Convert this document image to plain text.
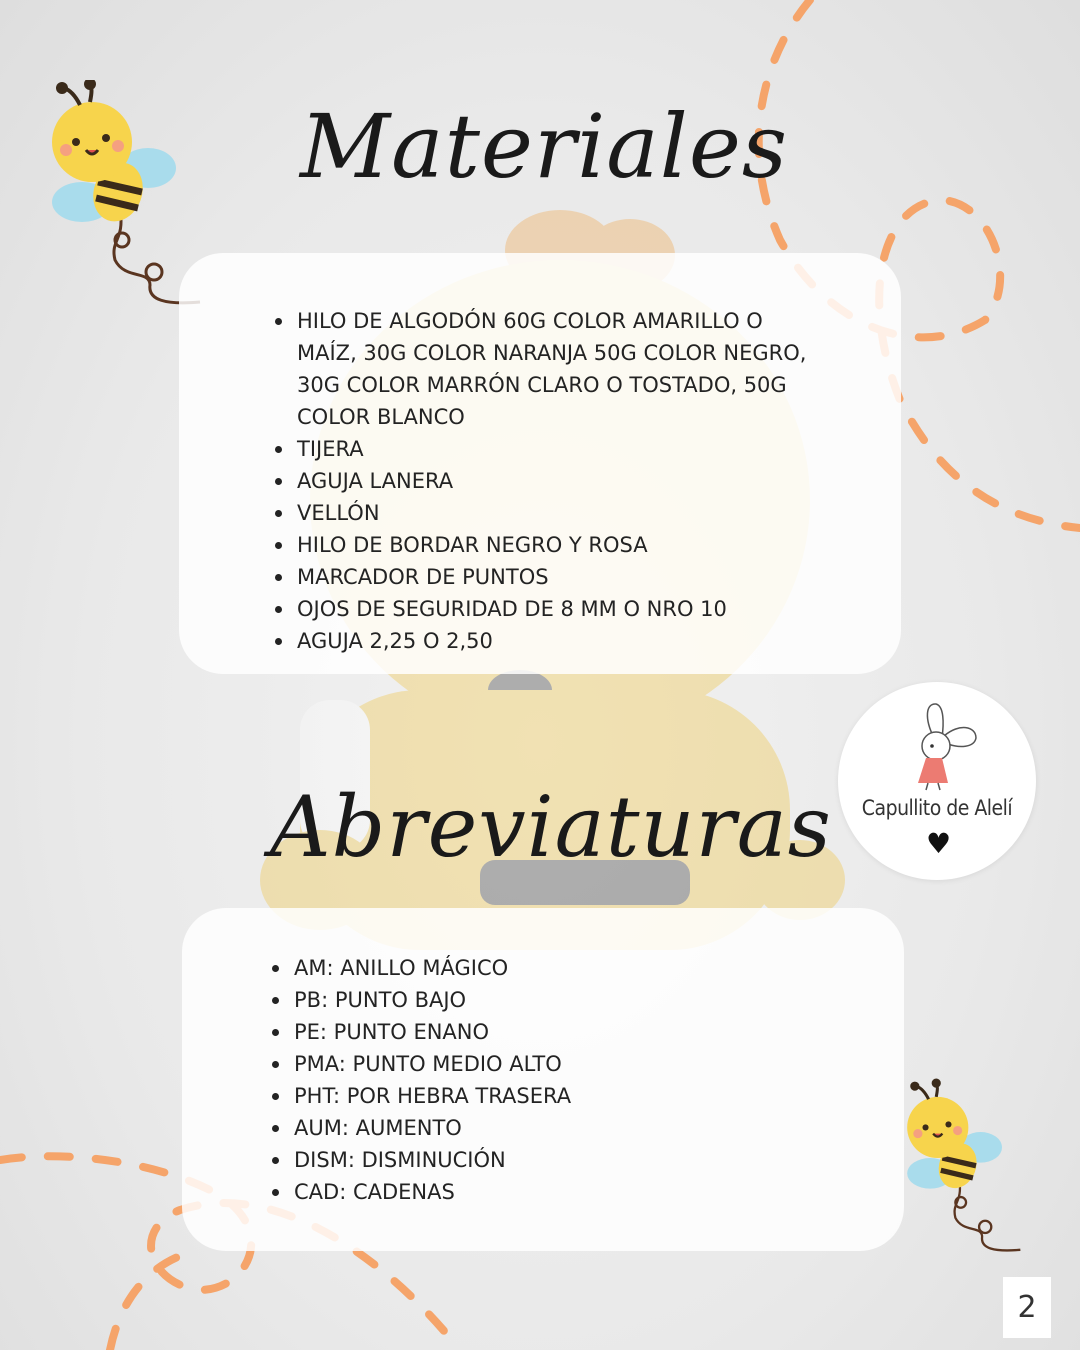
Materiales
HILO DE ALGODÓN 60G COLOR AMARILLO O MAÍZ, 30G COLOR NARANJA 50G COLOR NEGRO, 30G COLOR MARRÓN CLARO O TOSTADO, 50G COLOR BLANCO
TIJERA
AGUJA LANERA
VELLÓN
HILO DE BORDAR NEGRO Y ROSA
MARCADOR DE PUNTOS
OJOS DE SEGURIDAD DE 8 MM O NRO 10
AGUJA 2,25 O 2,50
Capullito de Alelí
♥
Abreviaturas
AM: ANILLO MÁGICO
PB: PUNTO BAJO
PE: PUNTO ENANO
PMA: PUNTO MEDIO ALTO
PHT: POR HEBRA TRASERA
AUM: AUMENTO
DISM: DISMINUCIÓN
CAD: CADENAS
2
